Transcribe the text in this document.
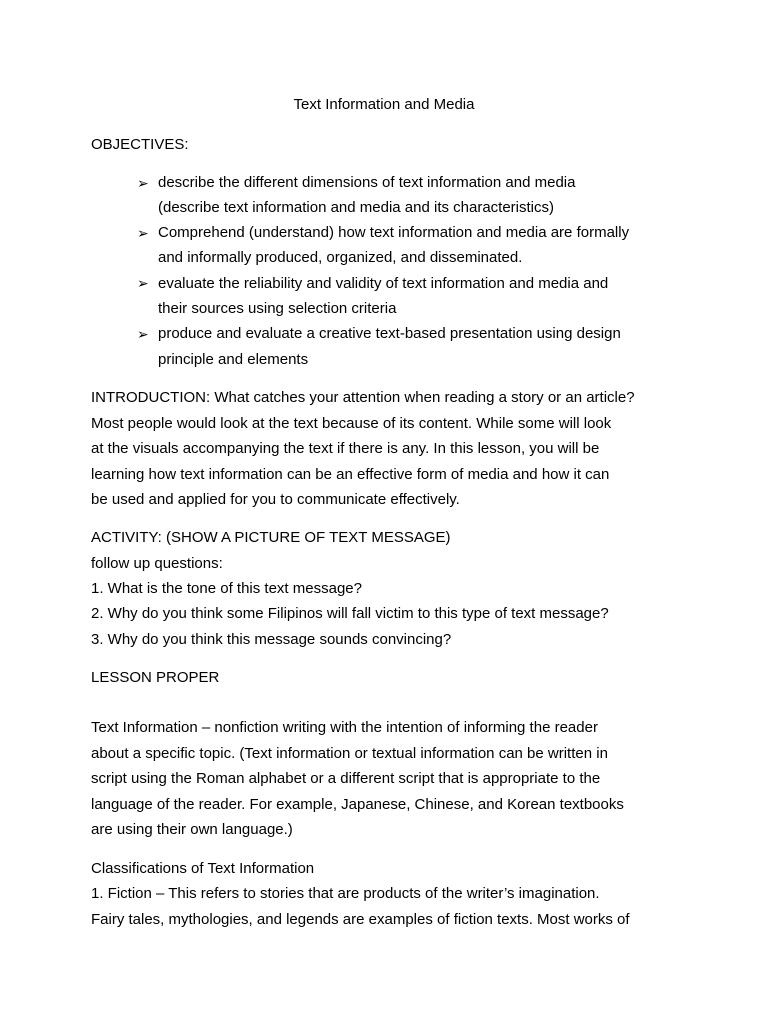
Text Information and Media
OBJECTIVES:
➢ describe the different dimensions of text information and media
(describe text information and media and its characteristics)
➢ Comprehend (understand) how text information and media are formally
and informally produced, organized, and disseminated.
➢ evaluate the reliability and validity of text information and media and
their sources using selection criteria
➢ produce and evaluate a creative text-based presentation using design
principle and elements
INTRODUCTION: What catches your attention when reading a story or an article?
Most people would look at the text because of its content. While some will look
at the visuals accompanying the text if there is any. In this lesson, you will be
learning how text information can be an effective form of media and how it can
be used and applied for you to communicate effectively.
ACTIVITY: (SHOW A PICTURE OF TEXT MESSAGE)
follow up questions:
1. What is the tone of this text message?
2. Why do you think some Filipinos will fall victim to this type of text message?
3. Why do you think this message sounds convincing?
LESSON PROPER
Text Information – nonfiction writing with the intention of informing the reader
about a specific topic. (Text information or textual information can be written in
script using the Roman alphabet or a different script that is appropriate to the
language of the reader. For example, Japanese, Chinese, and Korean textbooks
are using their own language.)
Classifications of Text Information
1. Fiction – This refers to stories that are products of the writer’s imagination.
Fairy tales, mythologies, and legends are examples of fiction texts. Most works of
